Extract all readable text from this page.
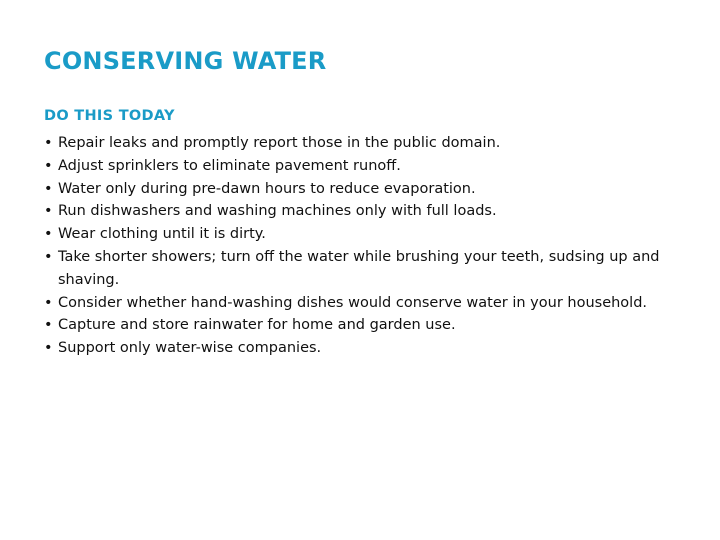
CONSERVING WATER
DO THIS TODAY
• Repair leaks and promptly report those in the public domain.
• Adjust sprinklers to eliminate pavement runoff.
• Water only during pre-dawn hours to reduce evaporation.
• Run dishwashers and washing machines only with full loads.
• Wear clothing until it is dirty.
• Take shorter showers; turn off the water while brushing your teeth, sudsing up and shaving.
• Consider whether hand-washing dishes would conserve water in your household.
• Capture and store rainwater for home and garden use.
• Support only water-wise companies.
